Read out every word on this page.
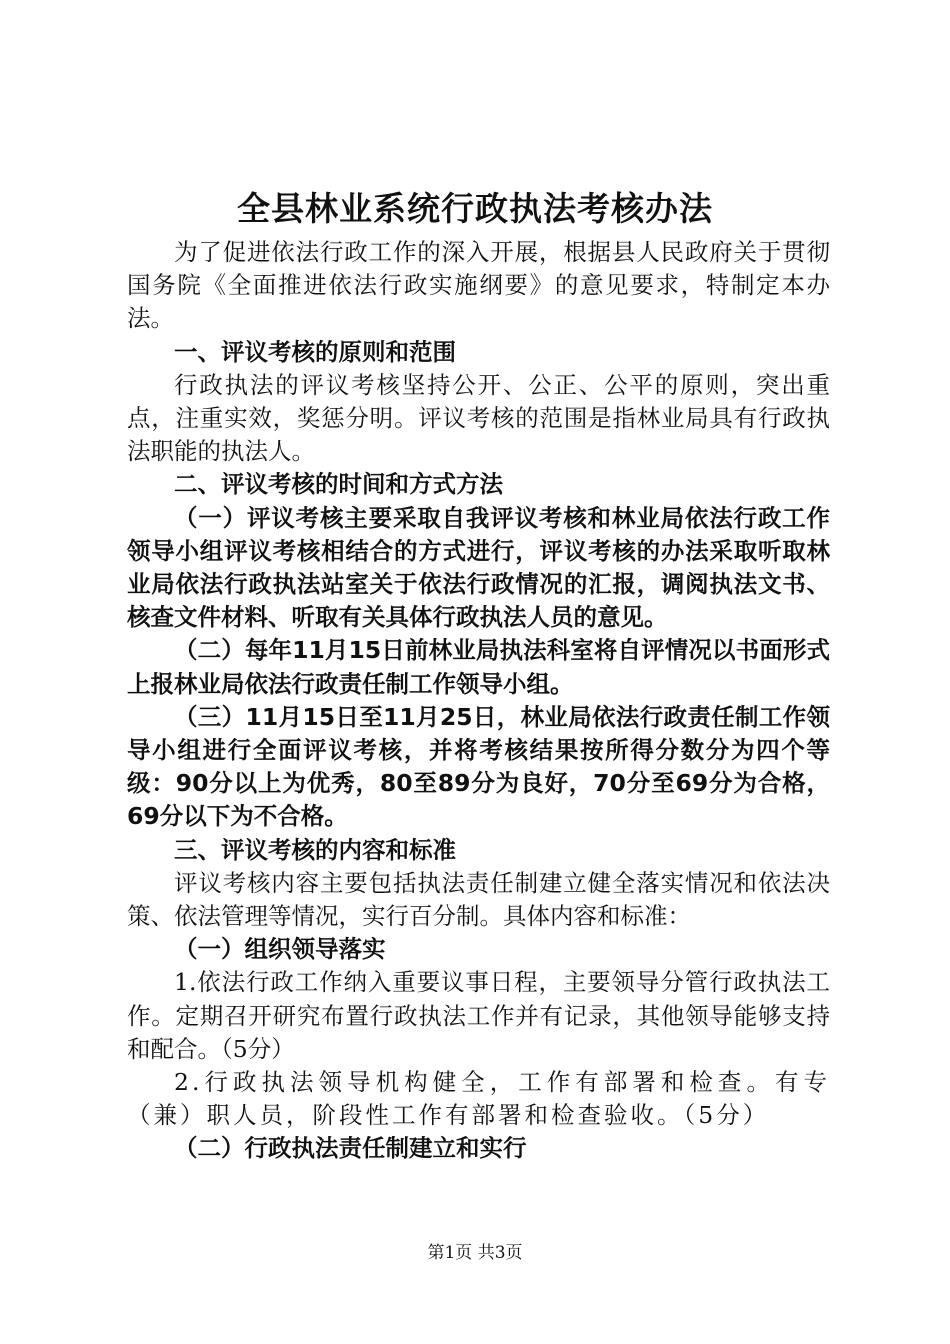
全县林业系统行政执法考核办法

为了促进依法行政工作的深入开展，根据县人民政府关于贯彻国务院《全面推进依法行政实施纲要》的意见要求，特制定本办法。

一、评议考核的原则和范围

行政执法的评议考核坚持公开、公正、公平的原则，突出重点，注重实效，奖惩分明。评议考核的范围是指林业局具有行政执法职能的执法人。

二、评议考核的时间和方式方法

（一）评议考核主要采取自我评议考核和林业局依法行政工作领导小组评议考核相结合的方式进行，评议考核的办法采取听取林业局依法行政执法站室关于依法行政情况的汇报，调阅执法文书、核查文件材料、听取有关具体行政执法人员的意见。

（二）每年11月15日前林业局执法科室将自评情况以书面形式上报林业局依法行政责任制工作领导小组。

（三）11月15日至11月25日，林业局依法行政责任制工作领导小组进行全面评议考核，并将考核结果按所得分数分为四个等级：90分以上为优秀，80至89分为良好，70分至69分为合格，69分以下为不合格。

三、评议考核的内容和标准

评议考核内容主要包括执法责任制建立健全落实情况和依法决策、依法管理等情况，实行百分制。具体内容和标准：

（一）组织领导落实

1.依法行政工作纳入重要议事日程，主要领导分管行政执法工作。定期召开研究布置行政执法工作并有记录，其他领导能够支持和配合。（5分）

2.行政执法领导机构健全，工作有部署和检查。有专（兼）职人员，阶段性工作有部署和检查验收。（5分）

（二）行政执法责任制建立和实行

第1页 共3页
